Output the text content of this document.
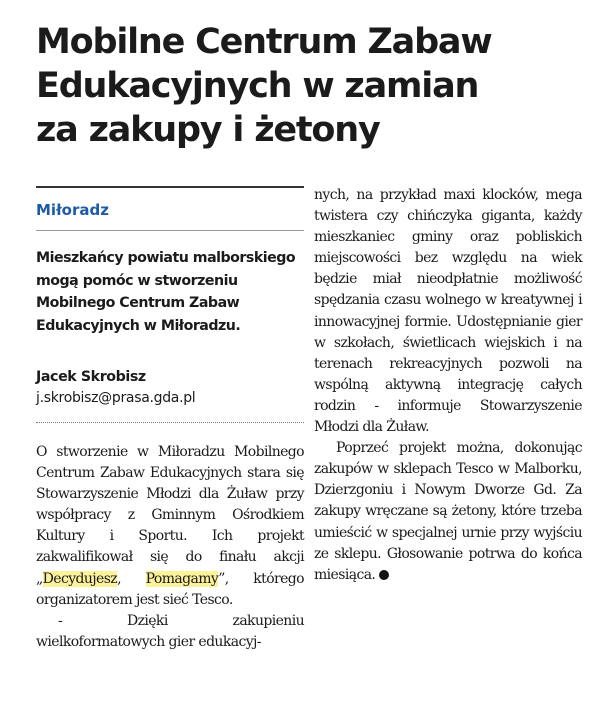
Mobilne Centrum Zabaw
Edukacyjnych w zamian
za zakupy i żetony
Miłoradz

Mieszkańcy powiatu malborskiego mogą pomóc w stworzeniu Mobilnego Centrum Zabaw Edukacyjnych w Miłoradzu.

Jacek Skrobisz
j.skrobisz@prasa.gda.pl

O stworzenie w Miłoradzu Mobilnego Centrum Zabaw Edukacyjnych stara się Stowarzyszenie Młodzi dla Żuław przy współpracy z Gminnym Ośrodkiem Kultury i Sportu. Ich projekt zakwalifikował się do finału akcji „Decydujesz, Pomagamy”, którego organizatorem jest sieć Tesco.

- Dzięki zakupieniu wielkoformatowych gier edukacyj-

nych, na przykład maxi klocków, mega twistera czy chińczyka giganta, każdy mieszkaniec gminy oraz pobliskich miejscowości bez względu na wiek będzie miał nieodpłatnie możliwość spędzania czasu wolnego w kreatywnej i innowacyjnej formie. Udostępnianie gier w szkołach, świetlicach wiejskich i na terenach rekreacyjnych pozwoli na wspólną aktywną integrację całych rodzin - informuje Stowarzyszenie Młodzi dla Żuław.

Poprzeć projekt można, dokonując zakupów w sklepach Tesco w Malborku, Dzierzgoniu i Nowym Dworze Gd. Za zakupy wręczane są żetony, które trzeba umieścić w specjalnej urnie przy wyjściu ze sklepu. Głosowanie potrwa do końca miesiąca.
